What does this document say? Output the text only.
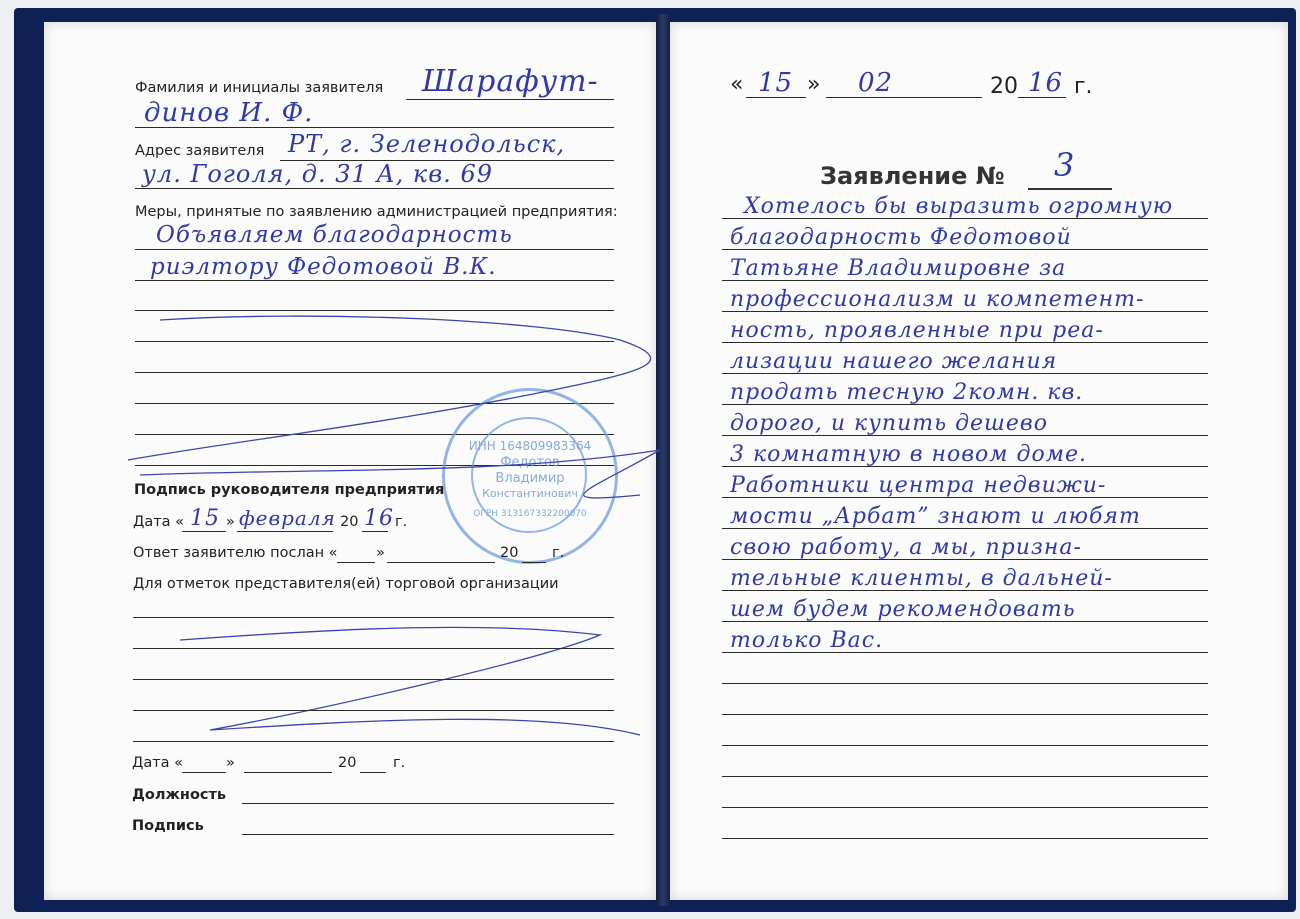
Фамилия и инициалы заявителя Шарафут-
динов И. Ф.
Адрес заявителя РТ, г. Зеленодольск,
ул. Гоголя, д. 31 А, кв. 69
Меры, принятые по заявлению администрацией предприятия:
Объявляем благодарность
риэлтору Федотовой В.К.
ИНН 164809983364
Федотов
Владимир
Константинович
ОГРН 313167332200070
Подпись руководителя предприятия
Дата « 15 » февраля 20 16 г.
Ответ заявителю послан «	»	20 г.
Для отметок представителя(ей) торговой организации
Дата «	»	20	г.
Должность
Подпись
« 15 » 02	20 16 г.
Заявление № 3
Хотелось бы выразить огромную
благодарность Федотовой
Татьяне Владимировне за
профессионализм и компетент-
ность, проявленные при реа-
лизации нашего желания
продать тесную 2комн. кв.
дорого, и купить дешево
3 комнатную в новом доме.
Работники центра недвижи-
мости „Арбат” знают и любят
свою работу, а мы, призна-
тельные клиенты, в дальней-
шем будем рекомендовать
только Вас.
